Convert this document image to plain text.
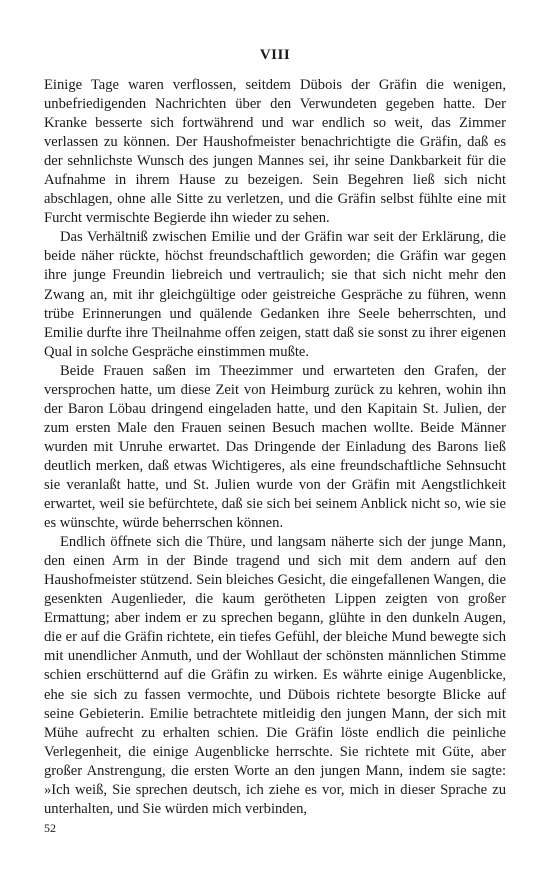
VIII

Einige Tage waren verflossen, seitdem Dübois der Gräfin die wenigen, unbefriedigenden Nachrichten über den Verwundeten gegeben hatte. Der Kranke besserte sich fortwährend und war endlich so weit, das Zimmer verlassen zu können. Der Haushofmeister benachrichtigte die Gräfin, daß es der sehnlichste Wunsch des jungen Mannes sei, ihr seine Dankbarkeit für die Aufnahme in ihrem Hause zu bezeigen. Sein Begehren ließ sich nicht abschlagen, ohne alle Sitte zu verletzen, und die Gräfin selbst fühlte eine mit Furcht vermischte Begierde ihn wieder zu sehen.

Das Verhältniß zwischen Emilie und der Gräfin war seit der Erklärung, die beide näher rückte, höchst freundschaftlich geworden; die Gräfin war gegen ihre junge Freundin liebreich und vertraulich; sie that sich nicht mehr den Zwang an, mit ihr gleichgültige oder geistreiche Gespräche zu führen, wenn trübe Erinnerungen und quälende Gedanken ihre Seele beherrschten, und Emilie durfte ihre Theilnahme offen zeigen, statt daß sie sonst zu ihrer eigenen Qual in solche Gespräche einstimmen mußte.

Beide Frauen saßen im Theezimmer und erwarteten den Grafen, der versprochen hatte, um diese Zeit von Heimburg zurück zu kehren, wohin ihn der Baron Löbau dringend eingeladen hatte, und den Kapitain St. Julien, der zum ersten Male den Frauen seinen Besuch machen wollte. Beide Männer wurden mit Unruhe erwartet. Das Dringende der Einladung des Barons ließ deutlich merken, daß etwas Wichtigeres, als eine freundschaftliche Sehnsucht sie veranlaßt hatte, und St. Julien wurde von der Gräfin mit Aengstlichkeit erwartet, weil sie befürchtete, daß sie sich bei seinem Anblick nicht so, wie sie es wünschte, würde beherrschen können.

Endlich öffnete sich die Thüre, und langsam näherte sich der junge Mann, den einen Arm in der Binde tragend und sich mit dem andern auf den Haushofmeister stützend. Sein bleiches Gesicht, die eingefallenen Wangen, die gesenkten Augenlieder, die kaum gerötheten Lippen zeigten von großer Ermattung; aber indem er zu sprechen begann, glühte in den dunkeln Augen, die er auf die Gräfin richtete, ein tiefes Gefühl, der bleiche Mund bewegte sich mit unendlicher Anmuth, und der Wohllaut der schönsten männlichen Stimme schien erschütternd auf die Gräfin zu wirken. Es währte einige Augenblicke, ehe sie sich zu fassen vermochte, und Dübois richtete besorgte Blicke auf seine Gebieterin. Emilie betrachtete mitleidig den jungen Mann, der sich mit Mühe aufrecht zu erhalten schien. Die Gräfin löste endlich die peinliche Verlegenheit, die einige Augenblicke herrschte. Sie richtete mit Güte, aber großer Anstrengung, die ersten Worte an den jungen Mann, indem sie sagte: »Ich weiß, Sie sprechen deutsch, ich ziehe es vor, mich in dieser Sprache zu unterhalten, und Sie würden mich verbinden,

52
